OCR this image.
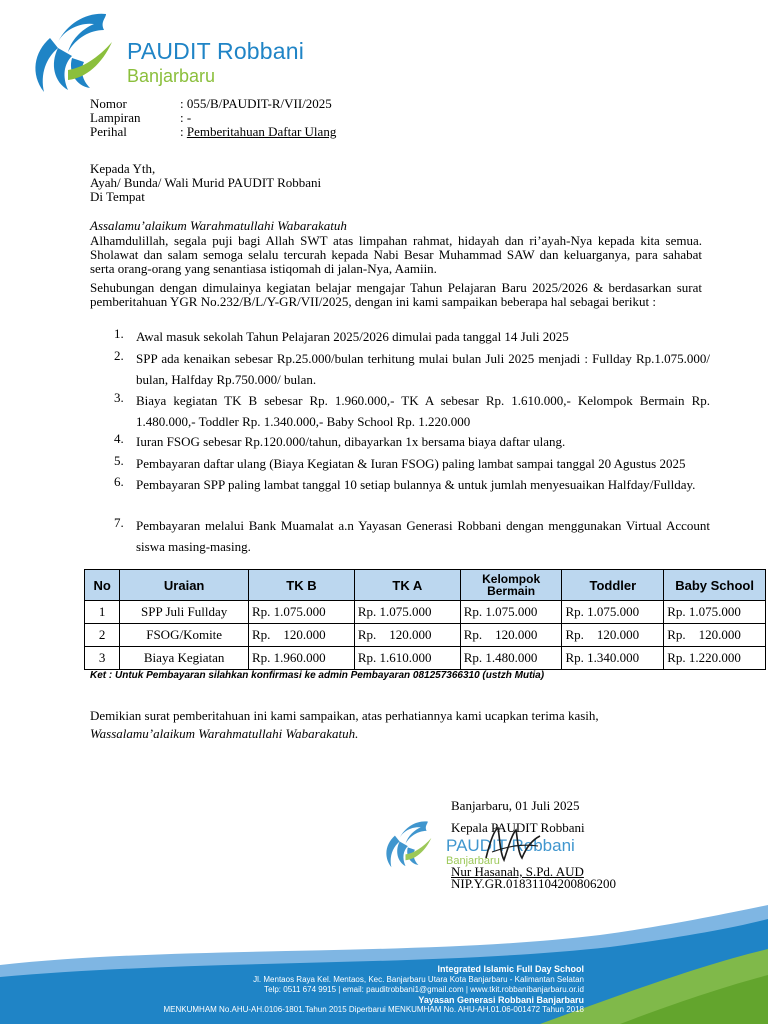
PAUDIT Robbani
Banjarbaru
Nomor	: 055/B/PAUDIT-R/VII/2025
Lampiran	: -
Perihal	: Pemberitahuan Daftar Ulang
Kepada Yth,
Ayah/ Bunda/ Wali Murid PAUDIT Robbani
Di Tempat
Assalamu’alaikum Warahmatullahi Wabarakatuh
Alhamdulillah, segala puji bagi Allah SWT atas limpahan rahmat, hidayah dan ri’ayah-Nya kepada kita semua. Sholawat dan salam semoga selalu tercurah kepada Nabi Besar Muhammad SAW dan keluarganya, para sahabat serta orang-orang yang senantiasa istiqomah di jalan-Nya, Aamiin.
Sehubungan dengan dimulainya kegiatan belajar mengajar Tahun Pelajaran Baru 2025/2026 & berdasarkan surat pemberitahuan YGR No.232/B/L/Y-GR/VII/2025, dengan ini kami sampaikan beberapa hal sebagai berikut :
1. Awal masuk sekolah Tahun Pelajaran 2025/2026 dimulai pada tanggal 14 Juli 2025
2. SPP ada kenaikan sebesar Rp.25.000/bulan terhitung mulai bulan Juli 2025 menjadi : Fullday Rp.1.075.000/ bulan, Halfday Rp.750.000/ bulan.
3. Biaya kegiatan TK B sebesar Rp. 1.960.000,- TK A sebesar Rp. 1.610.000,- Kelompok Bermain Rp. 1.480.000,- Toddler Rp. 1.340.000,- Baby School Rp. 1.220.000
4. Iuran FSOG sebesar Rp.120.000/tahun, dibayarkan 1x bersama biaya daftar ulang.
5. Pembayaran daftar ulang (Biaya Kegiatan & Iuran FSOG) paling lambat sampai tanggal 20 Agustus 2025
6. Pembayaran SPP paling lambat tanggal 10 setiap bulannya & untuk jumlah menyesuaikan Halfday/Fullday.
7. Pembayaran melalui Bank Muamalat a.n Yayasan Generasi Robbani dengan menggunakan Virtual Account siswa masing-masing.
No	Uraian	TK B	TK A	Kelompok Bermain	Toddler	Baby School
1	SPP Juli Fullday	Rp. 1.075.000	Rp. 1.075.000	Rp. 1.075.000	Rp. 1.075.000	Rp. 1.075.000
2	FSOG/Komite	Rp.    120.000	Rp.    120.000	Rp.    120.000	Rp.    120.000	Rp.    120.000
3	Biaya Kegiatan	Rp. 1.960.000	Rp. 1.610.000	Rp. 1.480.000	Rp. 1.340.000	Rp. 1.220.000
Ket : Untuk Pembayaran silahkan konfirmasi ke admin Pembayaran 081257366310 (ustzh Mutia)
Demikian surat pemberitahuan ini kami sampaikan, atas perhatiannya kami ucapkan terima kasih,
Wassalamu’alaikum Warahmatullahi Wabarakatuh.
Banjarbaru, 01 Juli 2025
Kepala PAUDIT Robbani
PAUDIT Robbani
Banjarbaru
Nur Hasanah, S.Pd. AUD
NIP.Y.GR.01831104200806200
Integrated Islamic Full Day School
Jl. Mentaos Raya Kel. Mentaos, Kec. Banjarbaru Utara Kota Banjarbaru - Kalimantan Selatan
Telp: 0511 674 9915 | email: pauditrobbani1@gmail.com | www.tkit.robbanibanjarbaru.or.id
Yayasan Generasi Robbani Banjarbaru
MENKUMHAM No.AHU-AH.0106-1801.Tahun 2015 Diperbarui MENKUMHAM No. AHU-AH.01.06-001472 Tahun 2018
